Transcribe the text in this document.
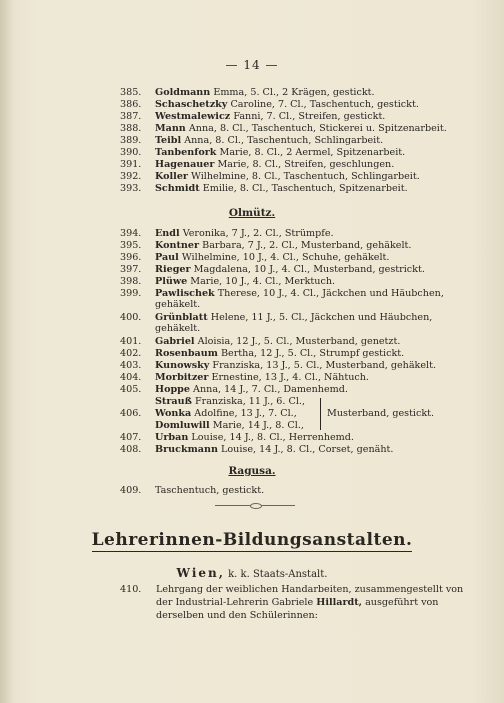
— 14 —
385.	Goldmann Emma, 5. Cl., 2 Krägen, gestickt.
386.	Schaschetzky Caroline, 7. Cl., Taschentuch, gestickt.
387.	Westmalewicz Fanni, 7. Cl., Streifen, gestickt.
388.	Mann Anna, 8. Cl., Taschentuch, Stickerei u. Spitzenarbeit.
389.	Teibl Anna, 8. Cl., Taschentuch, Schlingarbeit.
390.	Tanbenfork Marie, 8. Cl., 2 Aermel, Spitzenarbeit.
391.	Hagenauer Marie, 8. Cl., Streifen, geschlungen.
392.	Koller Wilhelmine, 8. Cl., Taschentuch, Schlingarbeit.
393.	Schmidt Emilie, 8. Cl., Taschentuch, Spitzenarbeit.
Olmütz.
394.	Endl Veronika, 7 J., 2. Cl., Strümpfe.
395.	Kontner Barbara, 7 J., 2. Cl., Musterband, gehäkelt.
396.	Paul Wilhelmine, 10 J., 4. Cl., Schuhe, gehäkelt.
397.	Rieger Magdalena, 10 J., 4. Cl., Musterband, gestrickt.
398.	Plüwe Marie, 10 J., 4. Cl., Merktuch.
399.	Pawlischek Therese, 10 J., 4. Cl., Jäckchen und Häubchen, gehäkelt.
400.	Grünblatt Helene, 11 J., 5. Cl., Jäckchen und Häubchen, gehäkelt.
401.	Gabriel Aloisia, 12 J., 5. Cl., Musterband, genetzt.
402.	Rosenbaum Bertha, 12 J., 5. Cl., Strumpf gestickt.
403.	Kunowsky Franziska, 13 J., 5. Cl., Musterband, gehäkelt.
404.	Morbitzer Ernestine, 13 J., 4. Cl., Nähtuch.
405.	Hoppe Anna, 14 J., 7. Cl., Damenhemd.
Strauß Franziska, 11 J., 6. Cl.,
406.	Wonka Adolfine, 13 J., 7. Cl.,
Domluwill Marie, 14 J., 8. Cl.,
Musterband, gestickt.
407.	Urban Louise, 14 J., 8. Cl., Herrenhemd.
408.	Bruckmann Louise, 14 J., 8. Cl., Corset, genäht.
Ragusa.
409.	Taschentuch, gestickt.
Lehrerinnen-Bildungsanstalten.
Wien, k. k. Staats-Anstalt.
410. Lehrgang der weiblichen Handarbeiten, zusammengestellt von
der Industrial-Lehrerin Gabriele Hillardt, ausgeführt von
derselben und den Schülerinnen:
